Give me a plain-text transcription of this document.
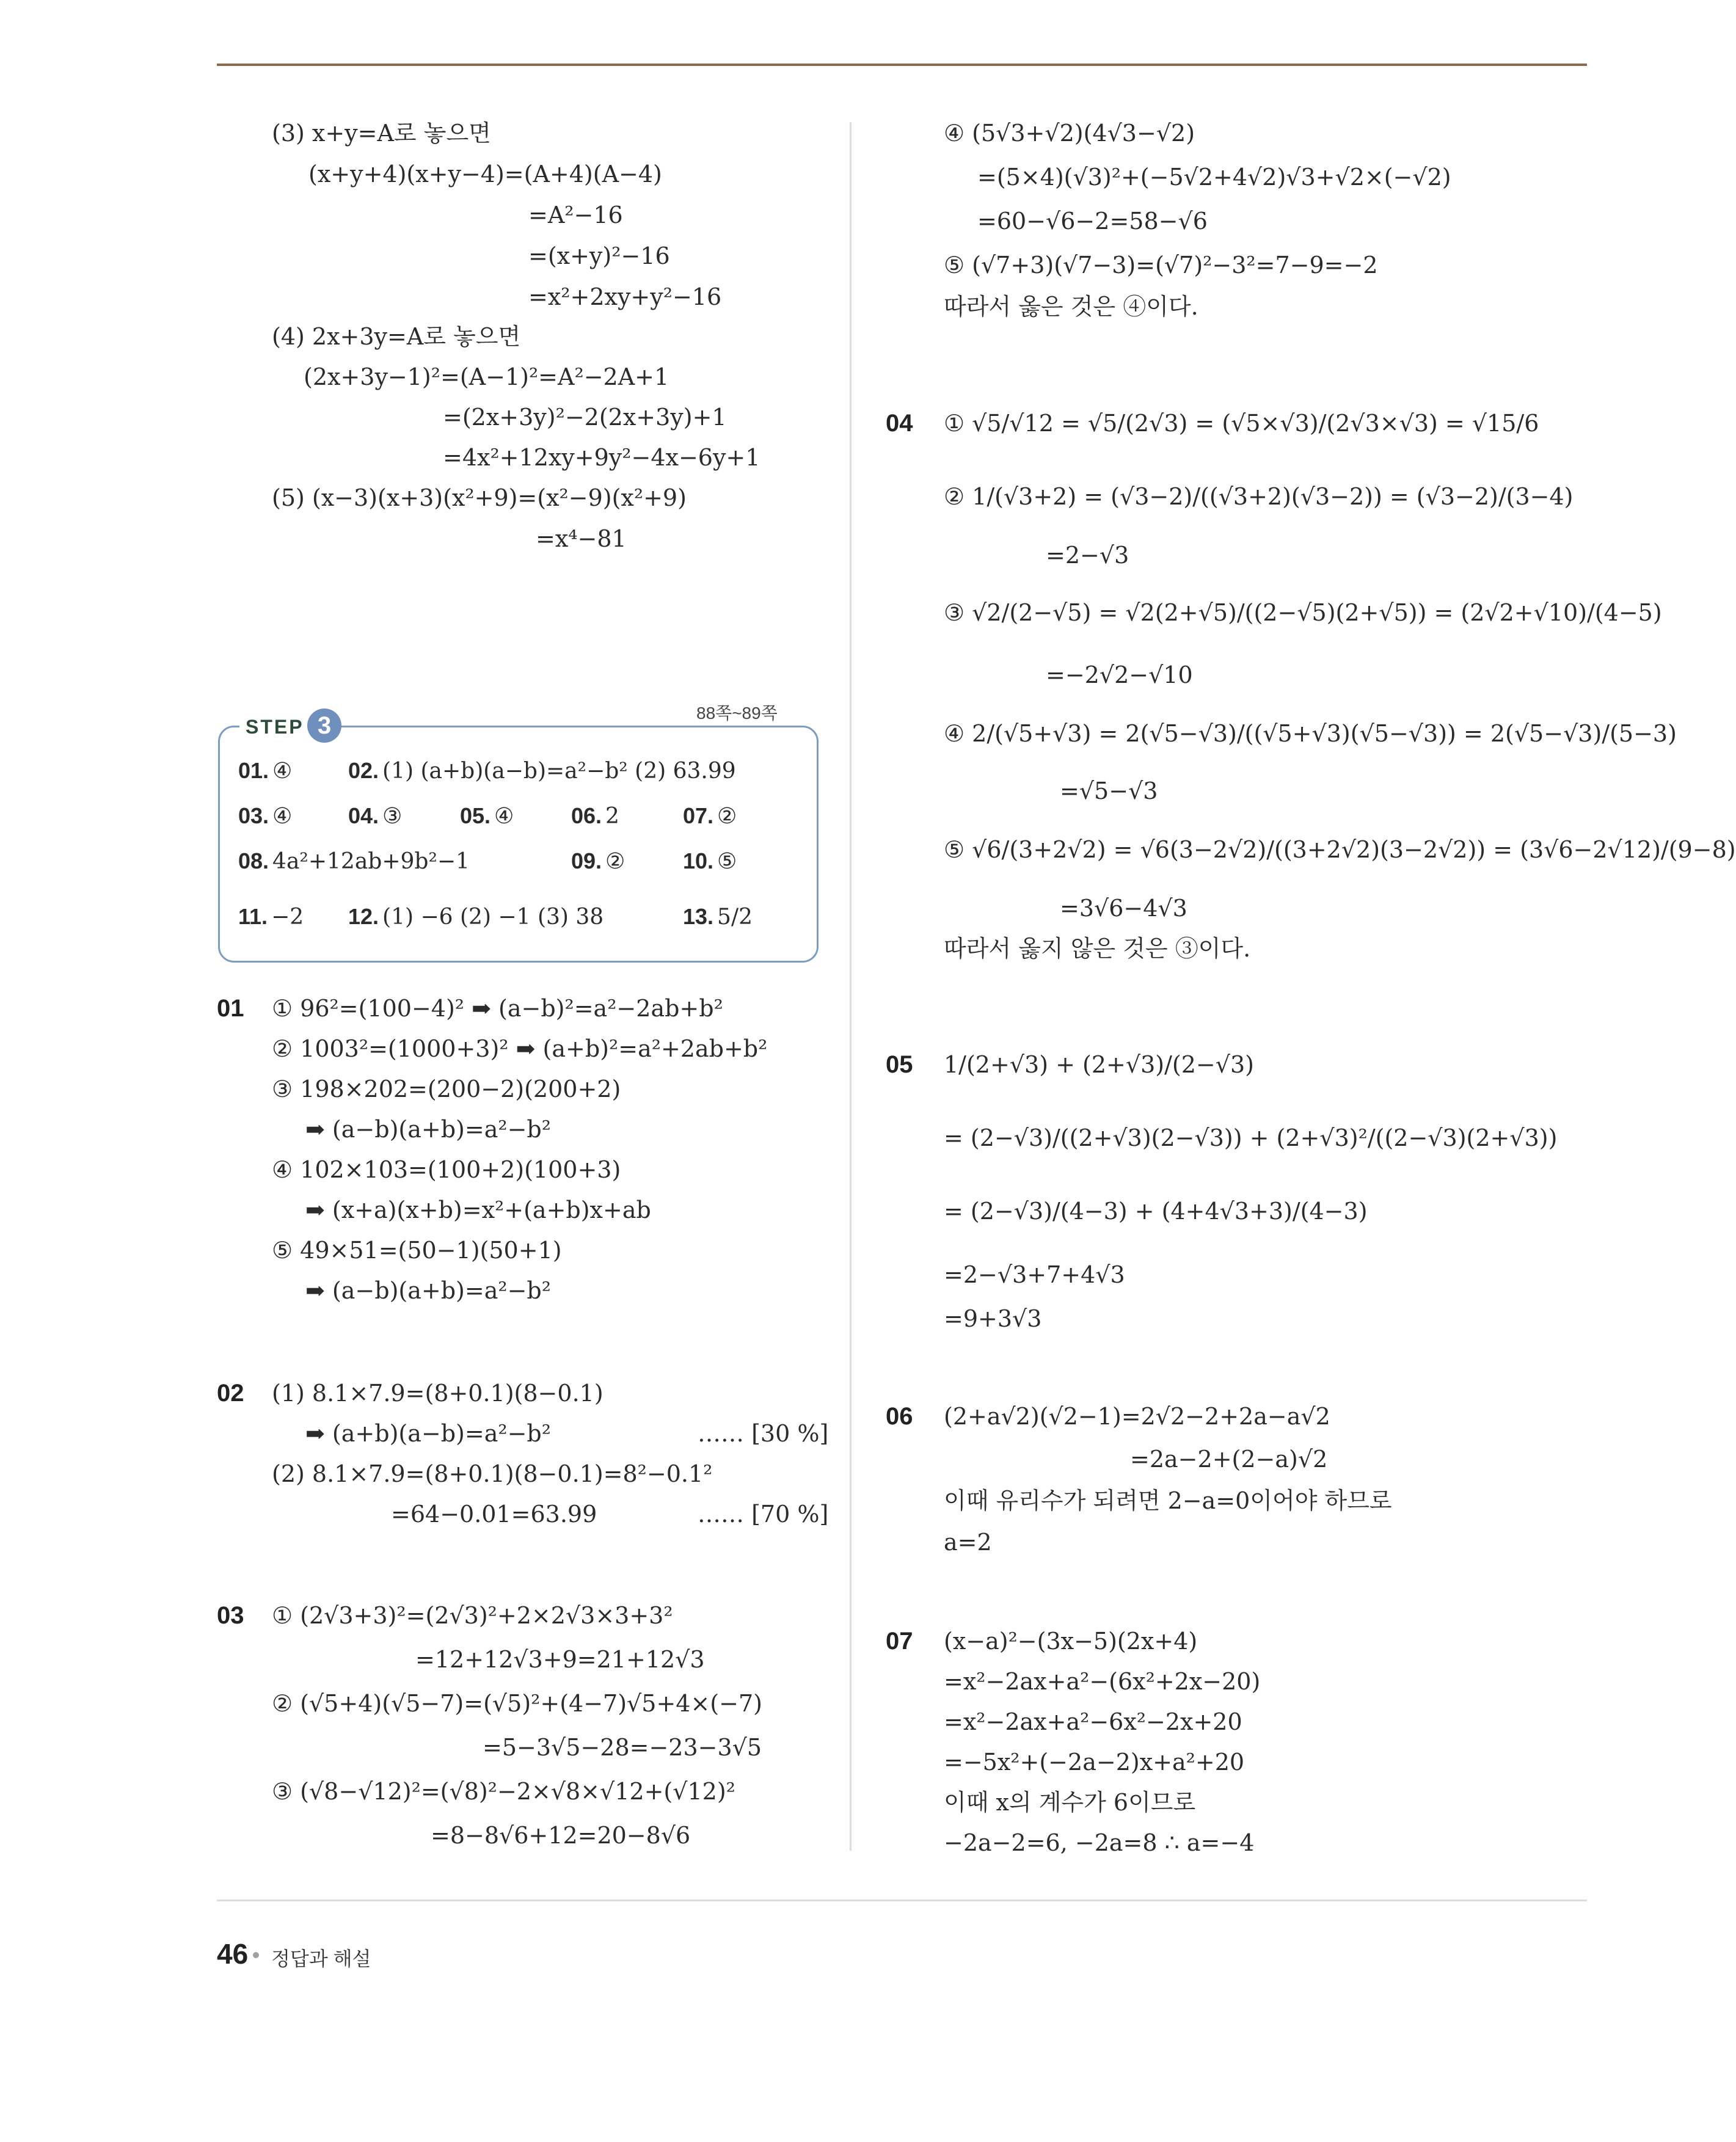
(3) x+y=A로 놓으면
(x+y+4)(x+y−4)=(A+4)(A−4)
=A²−16
=(x+y)²−16
=x²+2xy+y²−16
(4) 2x+3y=A로 놓으면
(2x+3y−1)²=(A−1)²=A²−2A+1
=(2x+3y)²−2(2x+3y)+1
=4x²+12xy+9y²−4x−6y+1
(5) (x−3)(x+3)(x²+9)=(x²−9)(x²+9)
=x⁴−81
STEP 3	88쪽~89쪽
01. ④	02. (1) (a+b)(a−b)=a²−b² (2) 63.99
03. ④	04. ③	05. ④	06. 2	07. ②
08. 4a²+12ab+9b²−1	09. ②	10. ⑤
11. −2 12. (1) −6 (2) −1 (3) 38	13. 5/2
01 ① 96²=(100−4)² ➡ (a−b)²=a²−2ab+b²
② 1003²=(1000+3)² ➡ (a+b)²=a²+2ab+b²
③ 198×202=(200−2)(200+2)
➡ (a−b)(a+b)=a²−b²
④ 102×103=(100+2)(100+3)
➡ (x+a)(x+b)=x²+(a+b)x+ab
⑤ 49×51=(50−1)(50+1)
➡ (a−b)(a+b)=a²−b²
02 (1) 8.1×7.9=(8+0.1)(8−0.1)
➡ (a+b)(a−b)=a²−b²	…… [30 %]
(2) 8.1×7.9=(8+0.1)(8−0.1)=8²−0.1²
=64−0.01=63.99	…… [70 %]
03 ① (2√3+3)²=(2√3)²+2×2√3×3+3²
=12+12√3+9=21+12√3
② (√5+4)(√5−7)=(√5)²+(4−7)√5+4×(−7)
=5−3√5−28=−23−3√5
③ (√8−√12)²=(√8)²−2×√8×√12+(√12)²
=8−8√6+12=20−8√6
④ (5√3+√2)(4√3−√2)
=(5×4)(√3)²+(−5√2+4√2)√3+√2×(−√2)
=60−√6−2=58−√6
⑤ (√7+3)(√7−3)=(√7)²−3²=7−9=−2
따라서 옳은 것은 ④이다.
04 ① √5/√12 = √5/(2√3) = (√5×√3)/(2√3×√3) = √15/6
② 1/(√3+2) = (√3−2)/((√3+2)(√3−2)) = (√3−2)/(3−4)
=2−√3
③ √2/(2−√5) = √2(2+√5)/((2−√5)(2+√5)) = (2√2+√10)/(4−5)
=−2√2−√10
④ 2/(√5+√3) = 2(√5−√3)/((√5+√3)(√5−√3)) = 2(√5−√3)/(5−3)
=√5−√3
⑤ √6/(3+2√2) = √6(3−2√2)/((3+2√2)(3−2√2)) = (3√6−2√12)/(9−8)
=3√6−4√3
따라서 옳지 않은 것은 ③이다.
05 1/(2+√3) + (2+√3)/(2−√3)
= (2−√3)/((2+√3)(2−√3)) + (2+√3)²/((2−√3)(2+√3))
= (2−√3)/(4−3) + (4+4√3+3)/(4−3)
=2−√3+7+4√3
=9+3√3
06 (2+a√2)(√2−1)=2√2−2+2a−a√2
=2a−2+(2−a)√2
이때 유리수가 되려면 2−a=0이어야 하므로
a=2
07 (x−a)²−(3x−5)(2x+4)
=x²−2ax+a²−(6x²+2x−20)
=x²−2ax+a²−6x²−2x+20
=−5x²+(−2a−2)x+a²+20
이때 x의 계수가 6이므로
−2a−2=6, −2a=8 ∴ a=−4
46 정답과 해설
